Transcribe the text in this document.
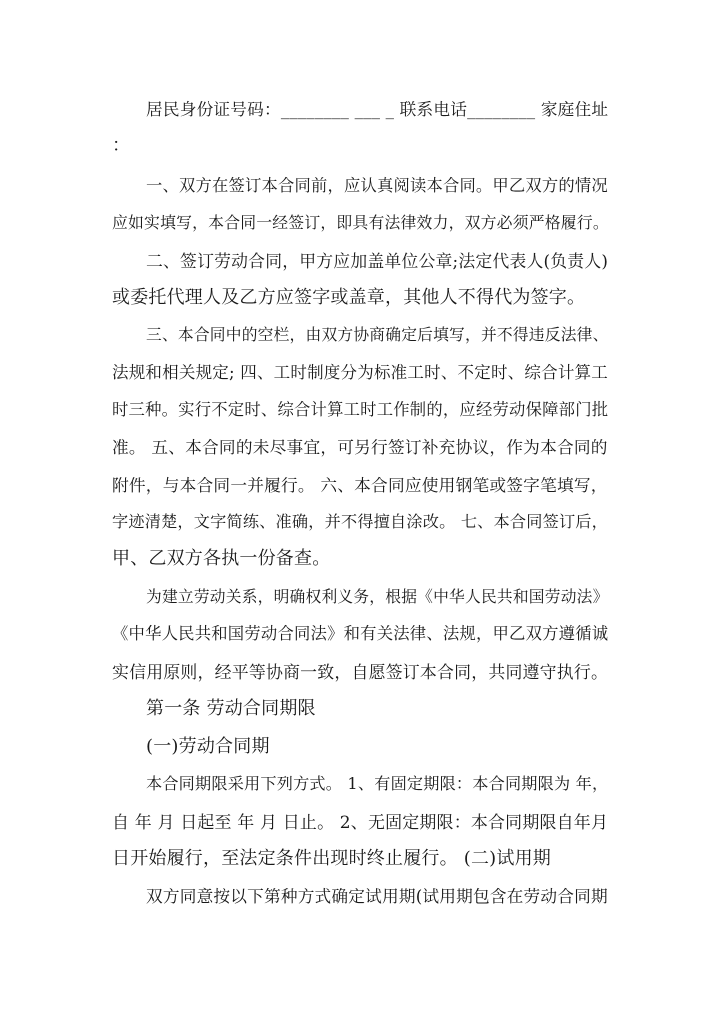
居民身份证号码：________ ___ _ 联系电话________ 家庭住址
：
一、双方在签订本合同前，应认真阅读本合同。甲乙双方的情况
应如实填写，本合同一经签订，即具有法律效力，双方必须严格履行。
二、签订劳动合同，甲方应加盖单位公章;法定代表人(负责人)
或委托代理人及乙方应签字或盖章，其他人不得代为签字。
三、本合同中的空栏，由双方协商确定后填写，并不得违反法律、
法规和相关规定; 四、工时制度分为标准工时、不定时、综合计算工
时三种。实行不定时、综合计算工时工作制的，应经劳动保障部门批
准。 五、本合同的未尽事宜，可另行签订补充协议，作为本合同的
附件，与本合同一并履行。 六、本合同应使用钢笔或签字笔填写，
字迹清楚，文字简练、准确，并不得擅自涂改。 七、本合同签订后，
甲、乙双方各执一份备查。
为建立劳动关系，明确权利义务，根据《中华人民共和国劳动法》
《中华人民共和国劳动合同法》和有关法律、法规，甲乙双方遵循诚
实信用原则，经平等协商一致，自愿签订本合同，共同遵守执行。
第一条 劳动合同期限
(一)劳动合同期
本合同期限采用下列方式。 1、有固定期限：本合同期限为 年，
自 年 月 日起至 年 月 日止。 2、无固定期限：本合同期限自年月
日开始履行，至法定条件出现时终止履行。 (二)试用期
双方同意按以下第种方式确定试用期(试用期包含在劳动合同期
